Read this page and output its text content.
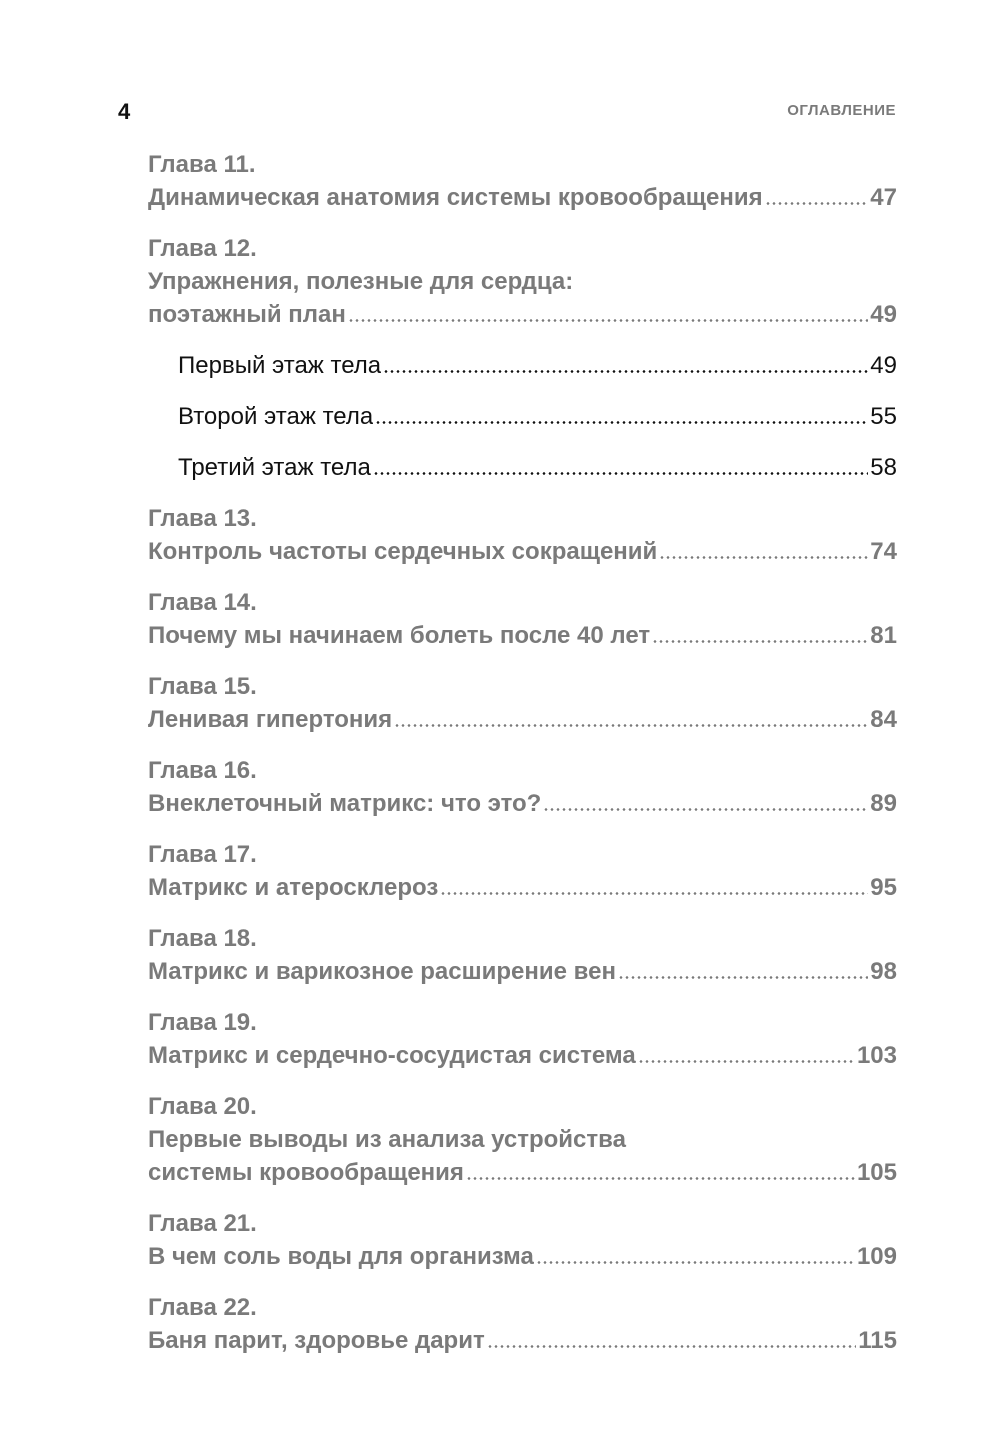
4	ОГЛАВЛЕНИЕ
Глава 11.
Динамическая анатомия системы кровообращения	47
Глава 12.
Упражнения, полезные для сердца:
поэтажный план	49
Первый этаж тела	49
Второй этаж тела	55
Третий этаж тела	58
Глава 13.
Контроль частоты сердечных сокращений	74
Глава 14.
Почему мы начинаем болеть после 40 лет	81
Глава 15.
Ленивая гипертония	84
Глава 16.
Внеклеточный матрикс: что это?	89
Глава 17.
Матрикс и атеросклероз	95
Глава 18.
Матрикс и варикозное расширение вен	98
Глава 19.
Матрикс и сердечно-сосудистая система	103
Глава 20.
Первые выводы из анализа устройства
системы кровообращения	105
Глава 21.
В чем соль воды для организма	109
Глава 22.
Баня парит, здоровье дарит	115
